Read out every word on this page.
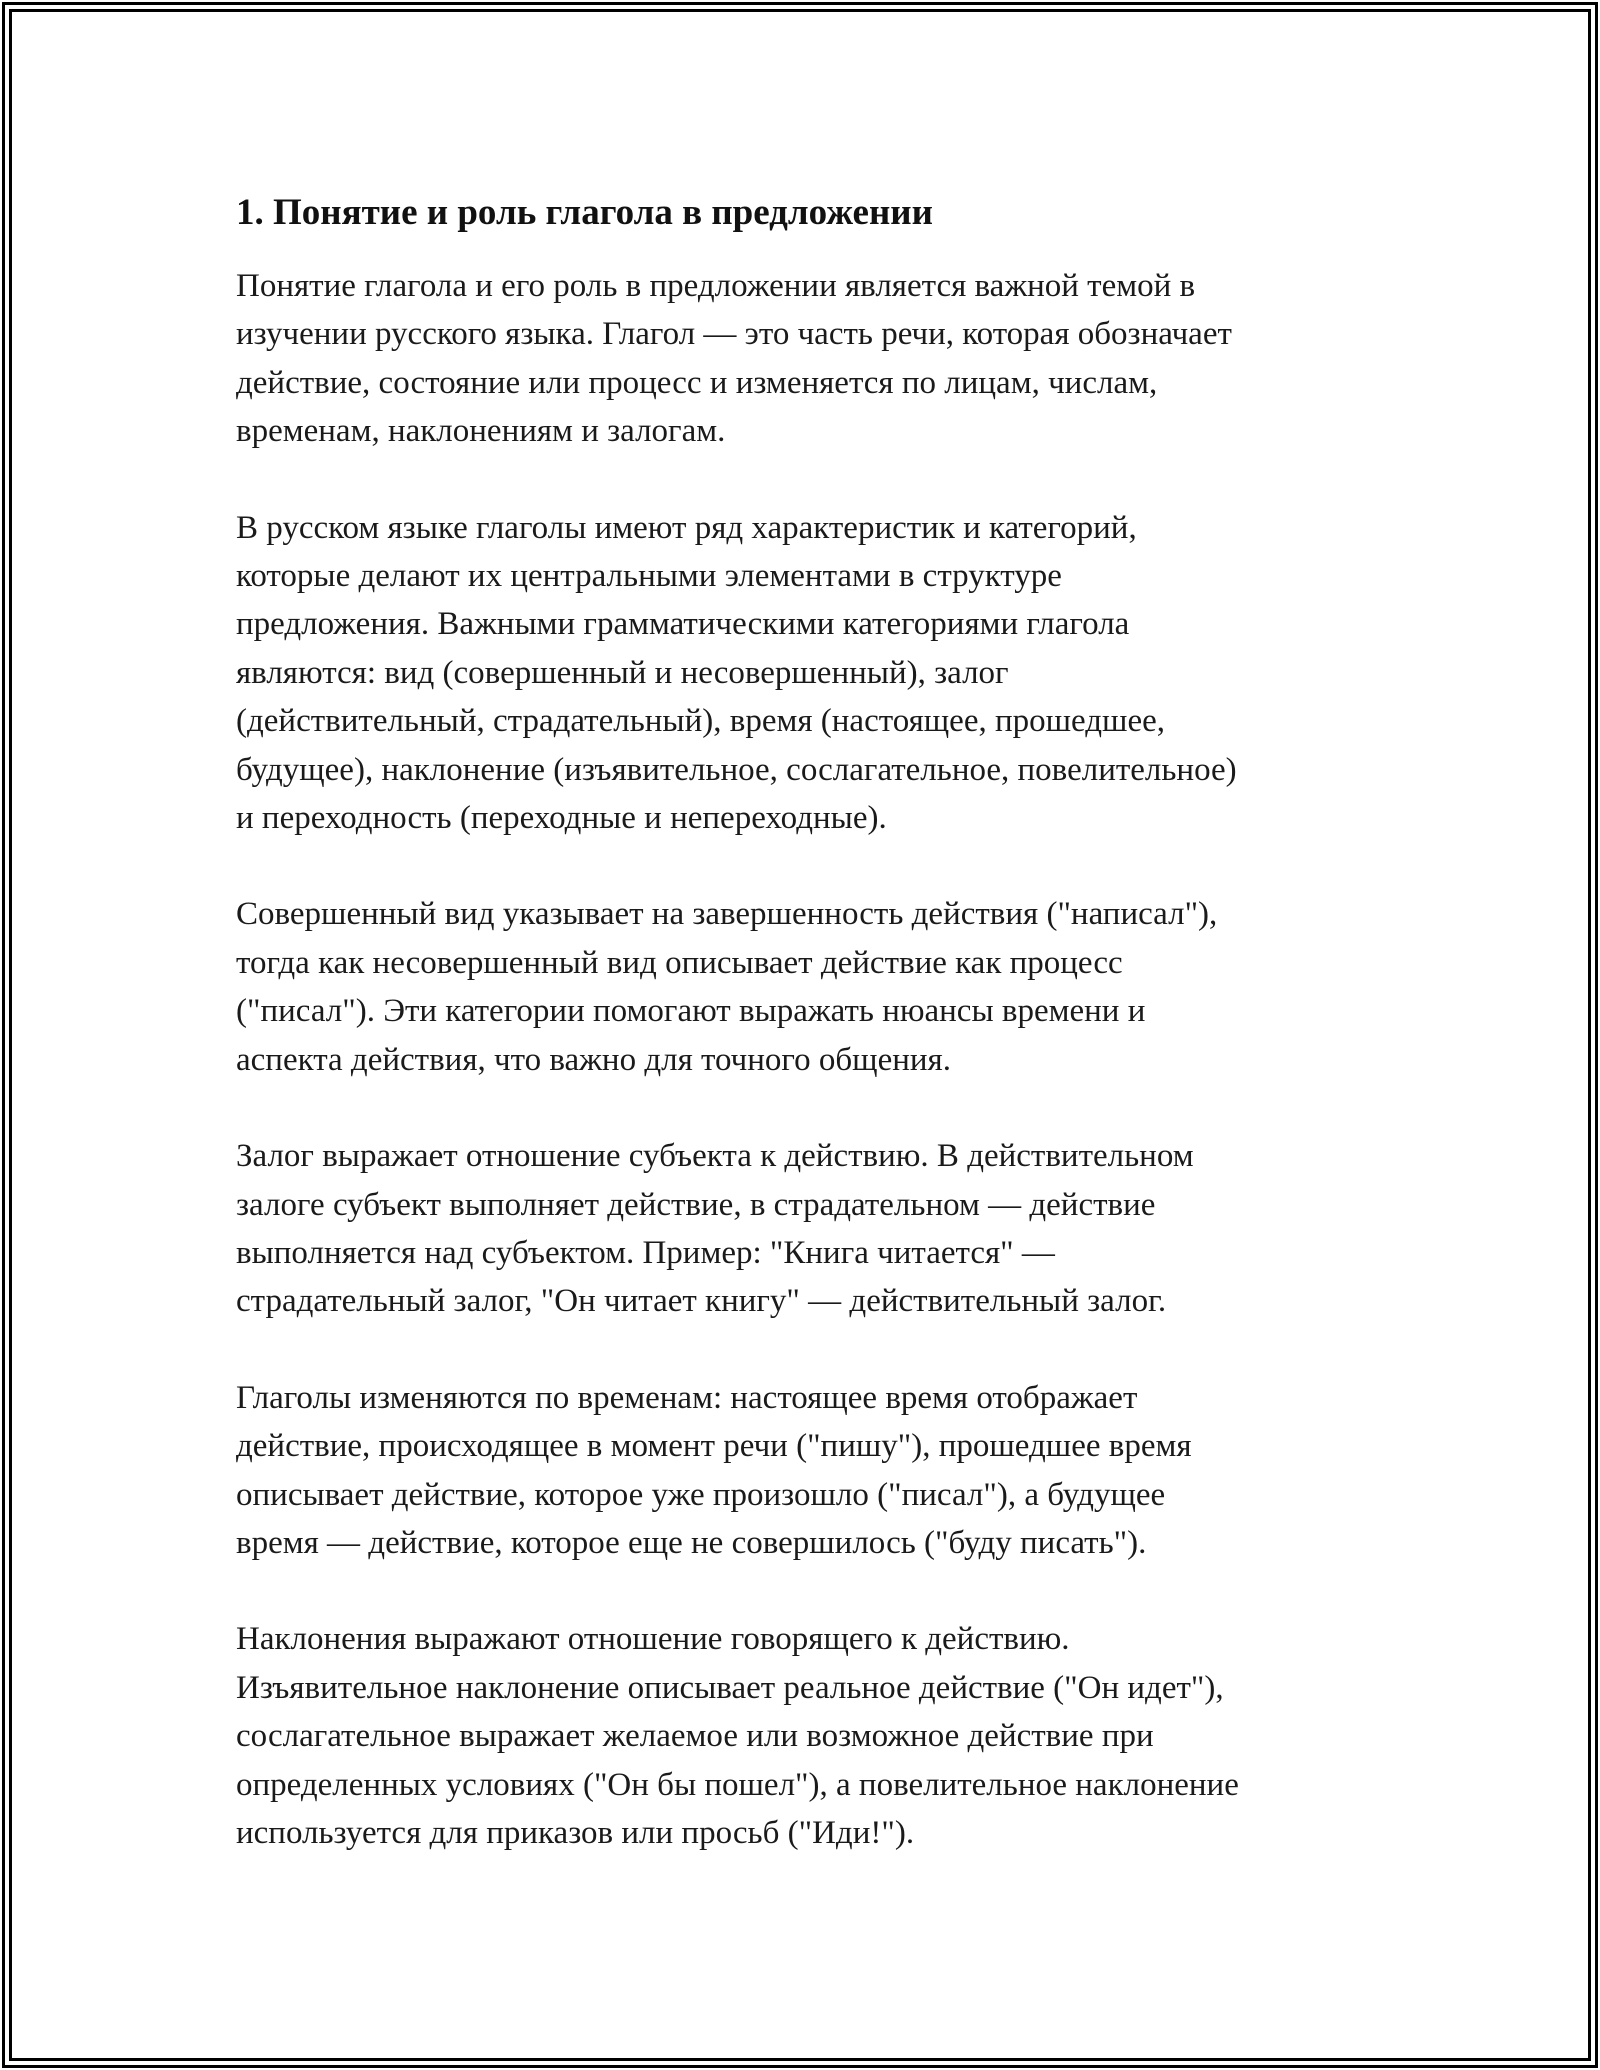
1. Понятие и роль глагола в предложении

Понятие глагола и его роль в предложении является важной темой в
изучении русского языка. Глагол — это часть речи, которая обозначает
действие, состояние или процесс и изменяется по лицам, числам,
временам, наклонениям и залогам.

В русском языке глаголы имеют ряд характеристик и категорий,
которые делают их центральными элементами в структуре
предложения. Важными грамматическими категориями глагола
являются: вид (совершенный и несовершенный), залог
(действительный, страдательный), время (настоящее, прошедшее,
будущее), наклонение (изъявительное, сослагательное, повелительное)
и переходность (переходные и непереходные).

Совершенный вид указывает на завершенность действия ("написал"),
тогда как несовершенный вид описывает действие как процесс
("писал"). Эти категории помогают выражать нюансы времени и
аспекта действия, что важно для точного общения.

Залог выражает отношение субъекта к действию. В действительном
залоге субъект выполняет действие, в страдательном — действие
выполняется над субъектом. Пример: "Книга читается" —
страдательный залог, "Он читает книгу" — действительный залог.

Глаголы изменяются по временам: настоящее время отображает
действие, происходящее в момент речи ("пишу"), прошедшее время
описывает действие, которое уже произошло ("писал"), а будущее
время — действие, которое еще не совершилось ("буду писать").

Наклонения выражают отношение говорящего к действию.
Изъявительное наклонение описывает реальное действие ("Он идет"),
сослагательное выражает желаемое или возможное действие при
определенных условиях ("Он бы пошел"), а повелительное наклонение
используется для приказов или просьб ("Иди!").
